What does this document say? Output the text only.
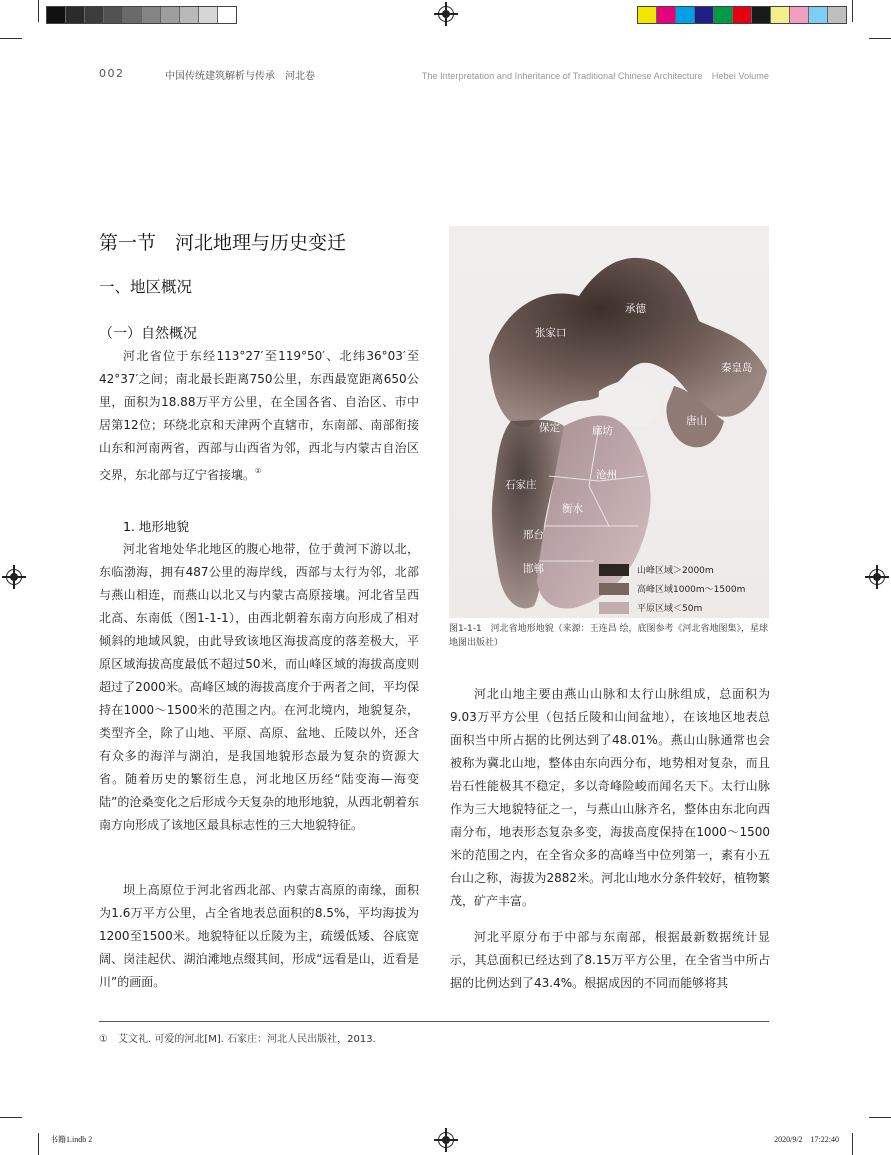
002	中国传统建筑解析与传承　河北卷	The Interpretation and Inheritance of Traditional Chinese Architecture　Hebei Volume
第一节　河北地理与历史变迁
一、地区概况
（一）自然概况

河北省位于东经113°27′至119°50′、北纬36°03′至42°37′之间；南北最长距离750公里，东西最宽距离650公里，面积为18.88万平方公里，在全国各省、自治区、市中居第12位；环绕北京和天津两个直辖市，东南部、南部衔接山东和河南两省，西部与山西省为邻，西北与内蒙古自治区交界，东北部与辽宁省接壤。①

1. 地形地貌

河北省地处华北地区的腹心地带，位于黄河下游以北，东临渤海，拥有487公里的海岸线，西部与太行为邻，北部与燕山相连，而燕山以北又与内蒙古高原接壤。河北省呈西北高、东南低（图1-1-1），由西北朝着东南方向形成了相对倾斜的地域风貌，由此导致该地区海拔高度的落差极大，平原区域海拔高度最低不超过50米，而山峰区域的海拔高度则超过了2000米。高峰区域的海拔高度介于两者之间，平均保持在1000～1500米的范围之内。在河北境内，地貌复杂，类型齐全，除了山地、平原、高原、盆地、丘陵以外，还含有众多的海洋与湖泊，是我国地貌形态最为复杂的资源大省。随着历史的繁衍生息，河北地区历经“陆变海—海变陆”的沧桑变化之后形成今天复杂的地形地貌，从西北朝着东南方向形成了该地区最具标志性的三大地貌特征。

坝上高原位于河北省西北部、内蒙古高原的南缘，面积为1.6万平方公里，占全省地表总面积的8.5%，平均海拔为1200至1500米。地貌特征以丘陵为主，疏缓低矮、谷底宽阔、岗洼起伏、湖泊滩地点缀其间，形成“远看是山，近看是川”的画面。

承德
张家口
秦皇岛
唐山
廊坊
保定
沧州
石家庄
衡水
邢台
邯郸	山峰区域＞2000m
高峰区域1000m～1500m
平原区域＜50m
图1-1-1　河北省地形地貌（来源：王连昌 绘，底图参考《河北省地图集》，星球地图出版社）

河北山地主要由燕山山脉和太行山脉组成，总面积为9.03万平方公里（包括丘陵和山间盆地），在该地区地表总面积当中所占据的比例达到了48.01%。燕山山脉通常也会被称为冀北山地，整体由东向西分布，地势相对复杂，而且岩石性能极其不稳定，多以奇峰险峻而闻名天下。太行山脉作为三大地貌特征之一，与燕山山脉齐名，整体由东北向西南分布，地表形态复杂多变，海拔高度保持在1000～1500米的范围之内，在全省众多的高峰当中位列第一，素有小五台山之称，海拔为2882米。河北山地水分条件较好，植物繁茂，矿产丰富。

河北平原分布于中部与东南部，根据最新数据统计显示，其总面积已经达到了8.15万平方公里，在全省当中所占据的比例达到了43.4%。根据成因的不同而能够将其

①　艾文礼. 可爱的河北[M]. 石家庄：河北人民出版社，2013.
书籍1.indb 2	2020/9/2　17:22:40
